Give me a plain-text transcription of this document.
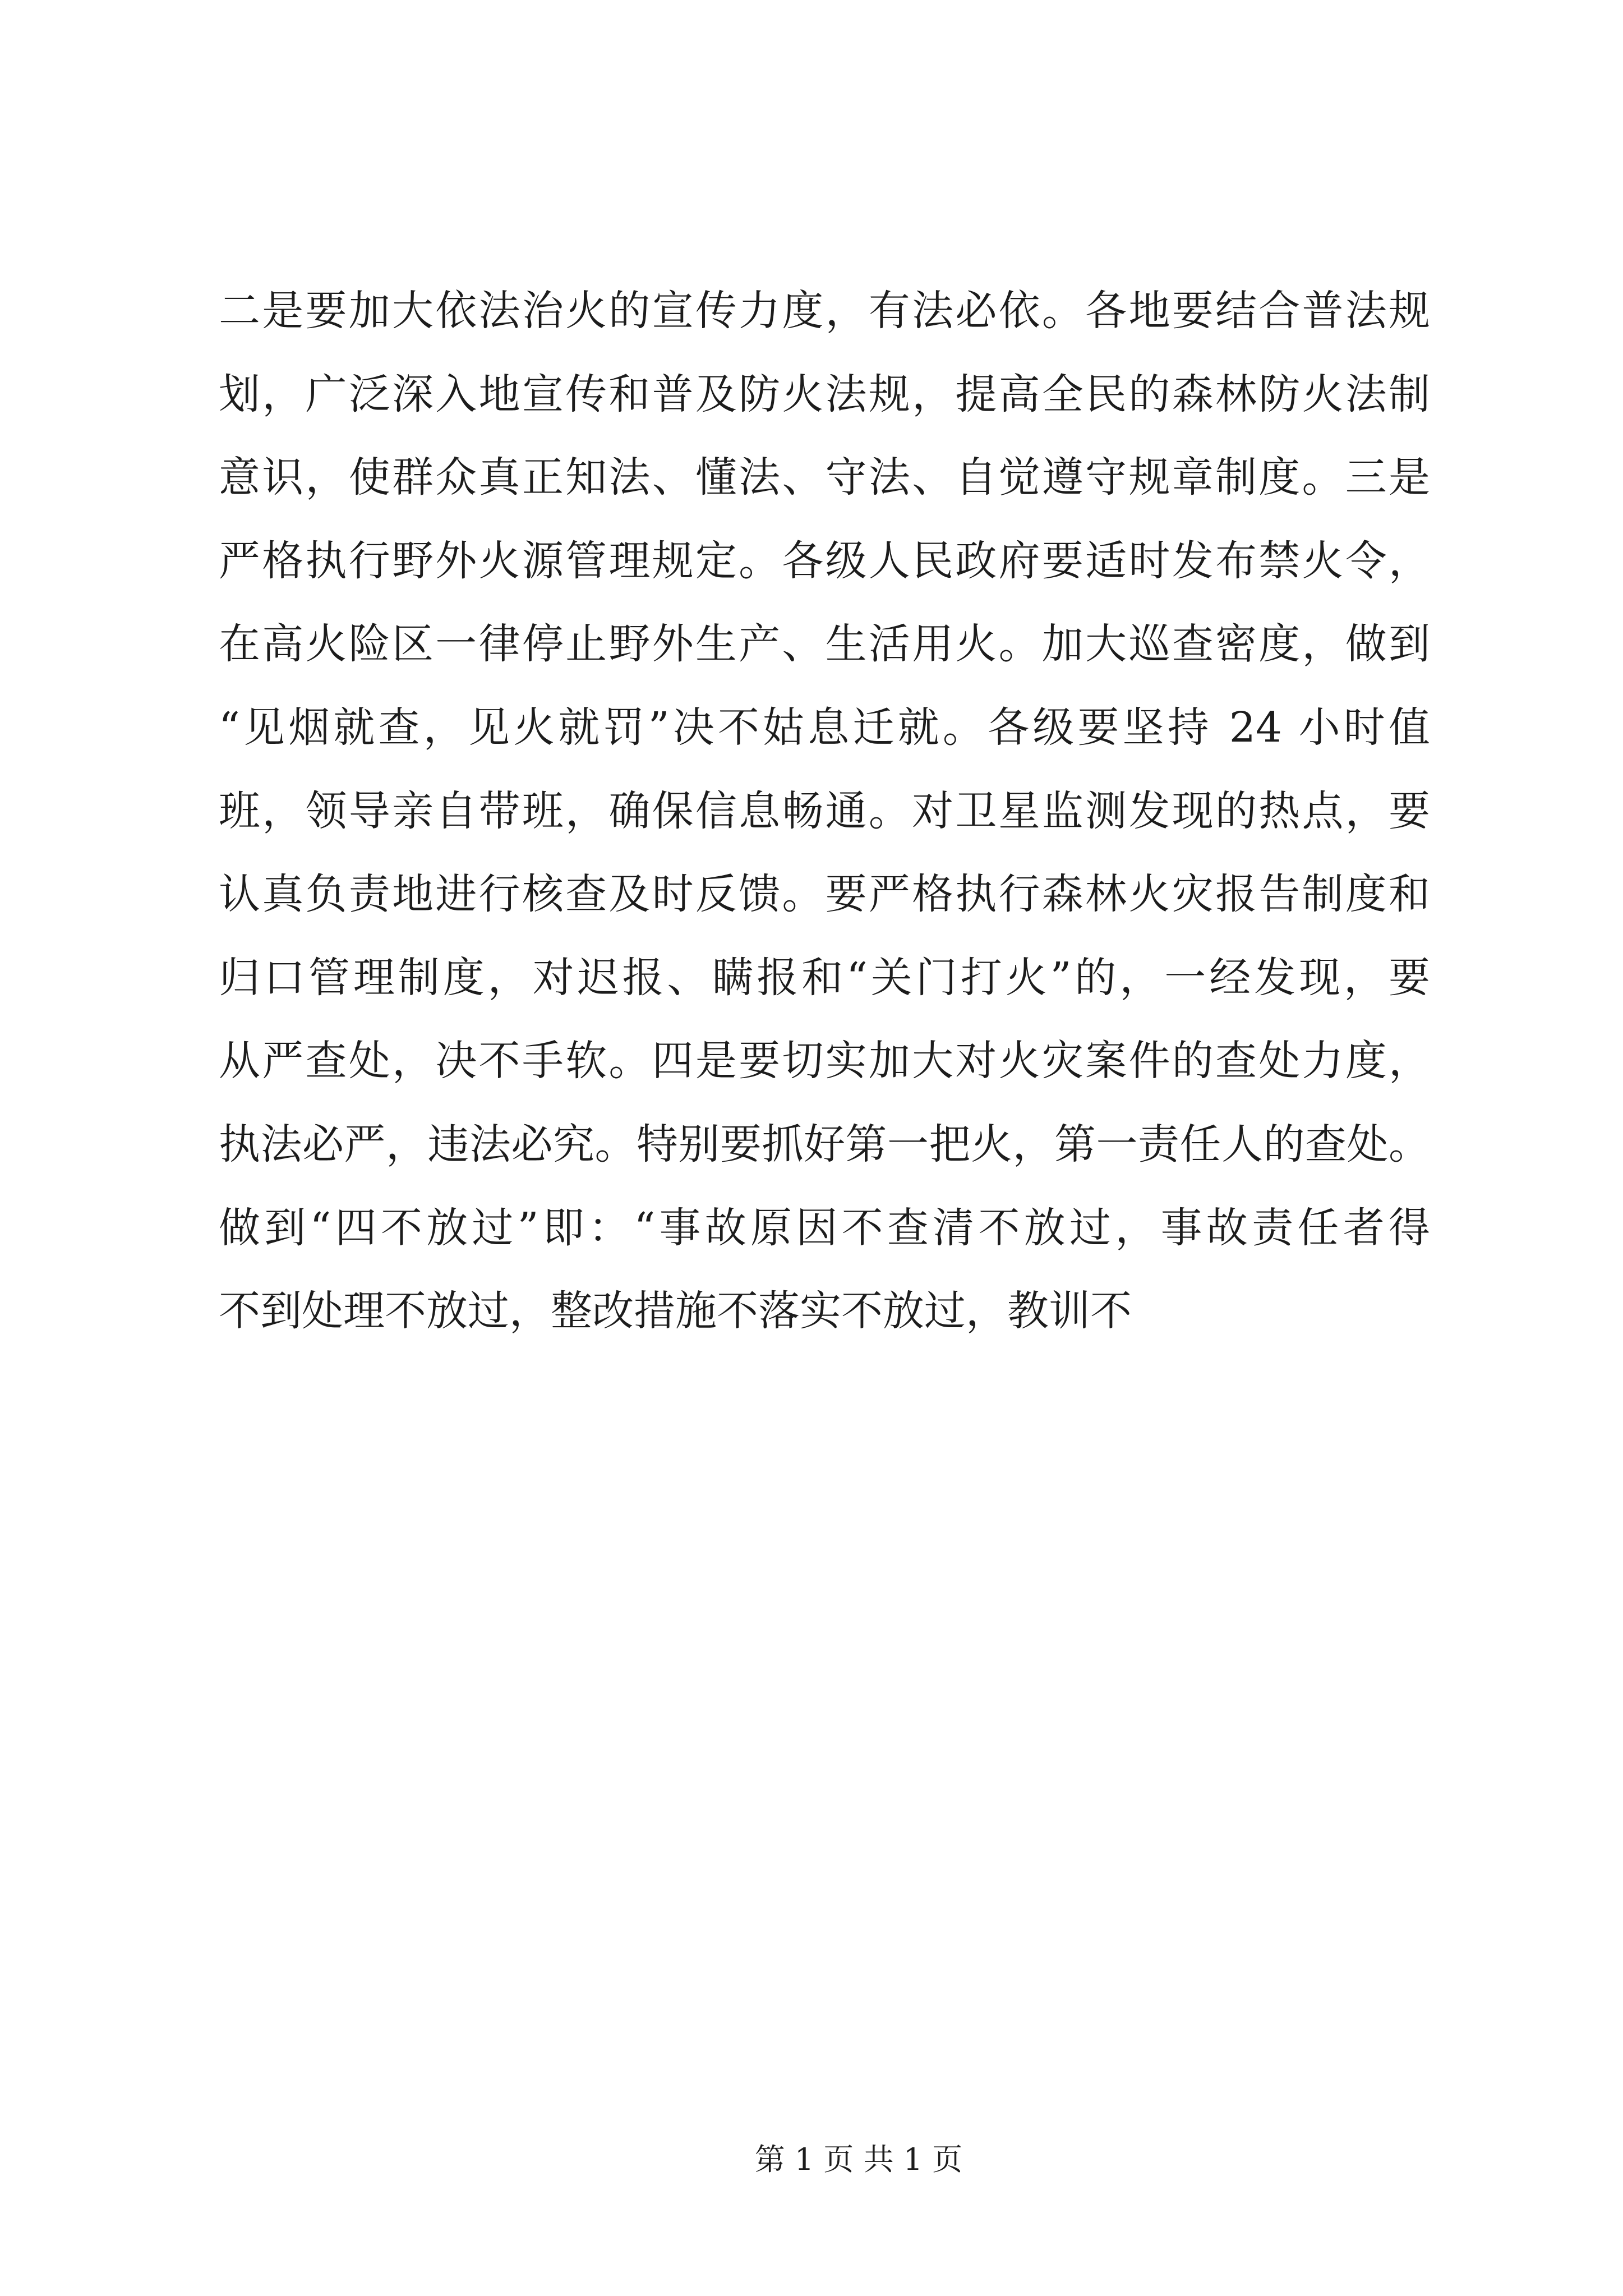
二是要加大依法治火的宣传力度，有法必依。各地要结合普法规
划，广泛深入地宣传和普及防火法规，提高全民的森林防火法制
意识，使群众真正知法、懂法、守法、自觉遵守规章制度。三是
严格执行野外火源管理规定。各级人民政府要适时发布禁火令，
在高火险区一律停止野外生产、生活用火。加大巡查密度，做到
“见烟就查，见火就罚”决不姑息迁就。各级要坚持 24 小时值
班，领导亲自带班，确保信息畅通。对卫星监测发现的热点，要
认真负责地进行核查及时反馈。要严格执行森林火灾报告制度和
归口管理制度，对迟报、瞒报和“关门打火”的，一经发现，要
从严查处，决不手软。四是要切实加大对火灾案件的查处力度，
执法必严，违法必究。特别要抓好第一把火，第一责任人的查处。
做到“四不放过”即：“事故原因不查清不放过，事故责任者得
不到处理不放过，整改措施不落实不放过，教训不
第 1 页 共 1 页
